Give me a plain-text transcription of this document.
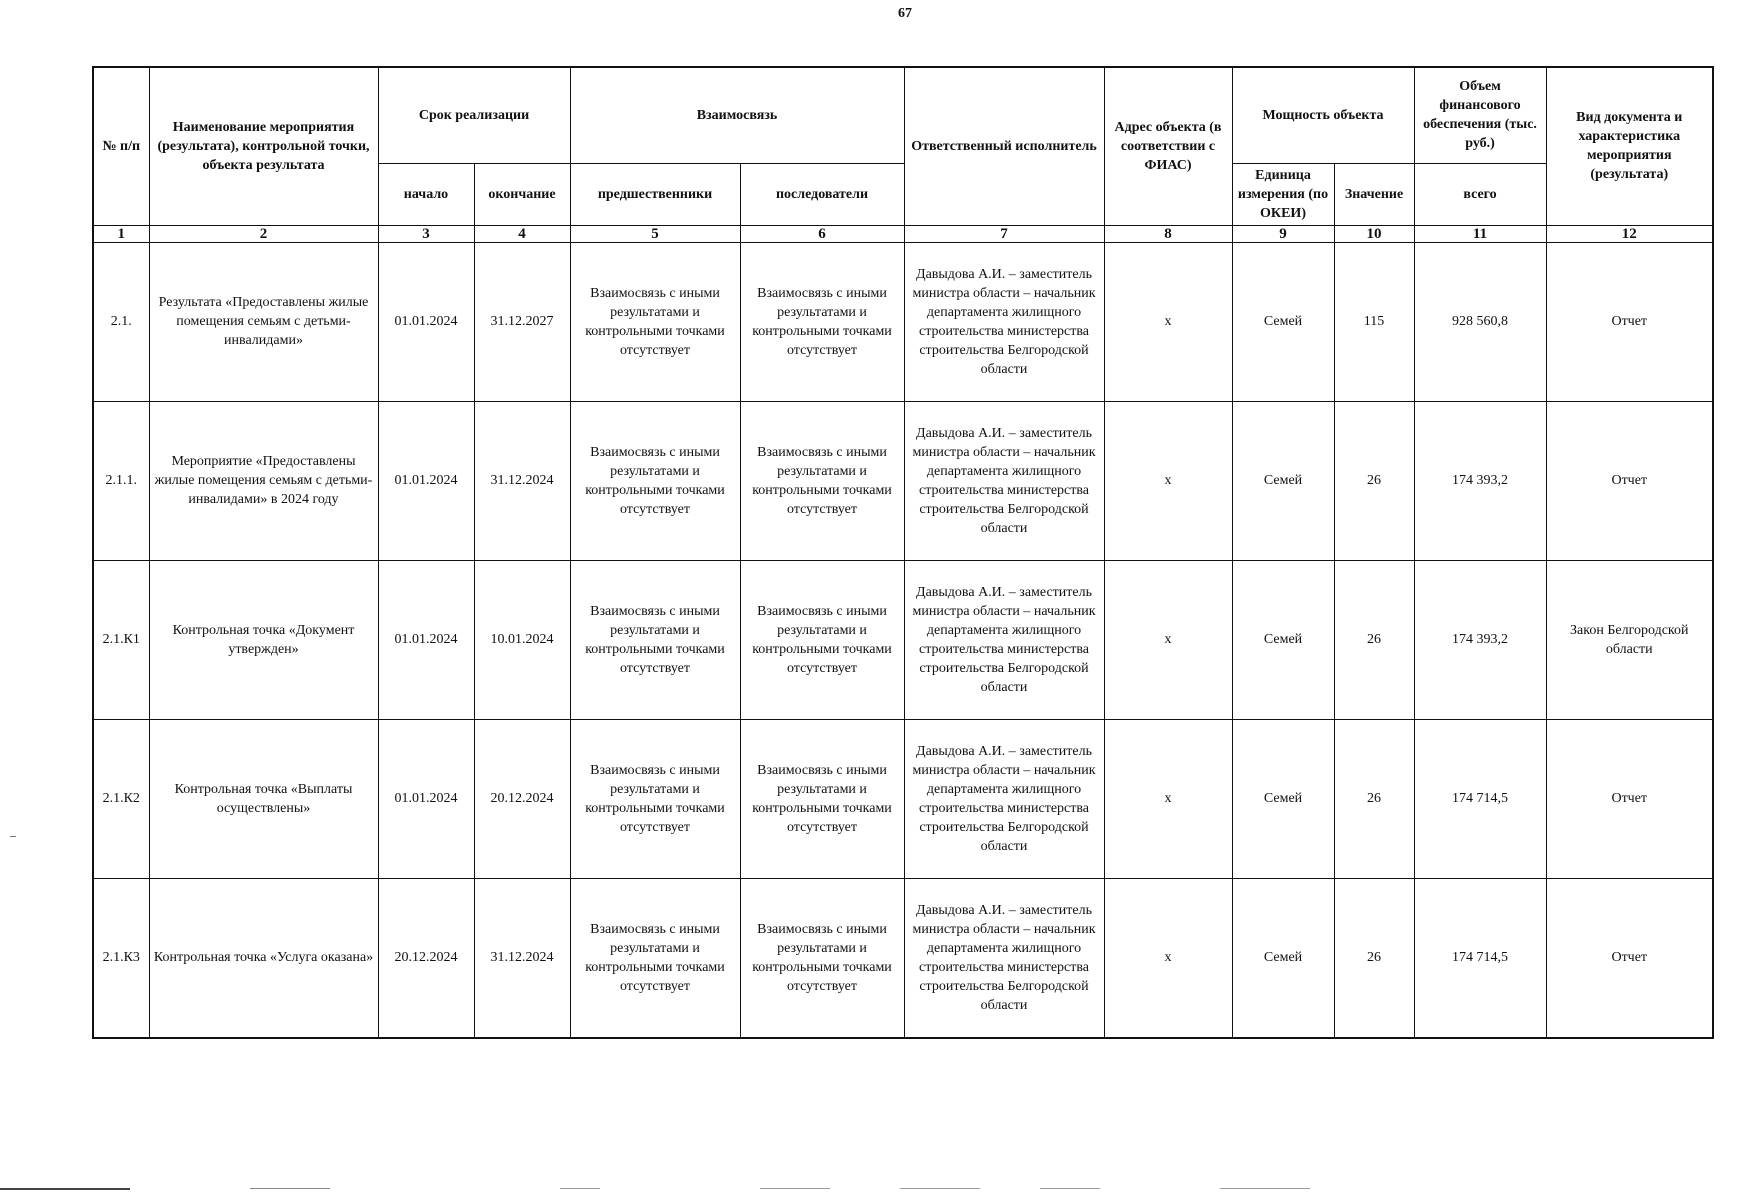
67
№ п/п	Наименование мероприятия (результата), контрольной точки, объекта результата	Срок реализации		Взаимосвязь		Ответственный исполнитель	Адрес объекта (в соответствии с ФИАС)	Мощность объекта		Объем финансового обеспечения (тыс. руб.)	Вид документа и характеристика мероприятия (результата)
		начало	окончание	предшественники	последователи			Единица измерения (по ОКЕИ)	Значение	всего	
1	2	3	4	5	6	7	8	9	10	11	12
2.1.	Результата «Предоставлены жилые помещения семьям с детьми-инвалидами»	01.01.2024	31.12.2027	Взаимосвязь с иными результатами и контрольными точками отсутствует	Взаимосвязь с иными результатами и контрольными точками отсутствует	Давыдова А.И. – заместитель министра области – начальник департамента жилищного строительства министерства строительства Белгородской области	x	Семей	115	928 560,8	Отчет
2.1.1.	Мероприятие «Предоставлены жилые помещения семьям с детьми-инвалидами» в 2024 году	01.01.2024	31.12.2024	Взаимосвязь с иными результатами и контрольными точками отсутствует	Взаимосвязь с иными результатами и контрольными точками отсутствует	Давыдова А.И. – заместитель министра области – начальник департамента жилищного строительства министерства строительства Белгородской области	x	Семей	26	174 393,2	Отчет
2.1.К1	Контрольная точка «Документ утвержден»	01.01.2024	10.01.2024	Взаимосвязь с иными результатами и контрольными точками отсутствует	Взаимосвязь с иными результатами и контрольными точками отсутствует	Давыдова А.И. – заместитель министра области – начальник департамента жилищного строительства министерства строительства Белгородской области	x	Семей	26	174 393,2	Закон Белгородской области
2.1.К2	Контрольная точка «Выплаты осуществлены»	01.01.2024	20.12.2024	Взаимосвязь с иными результатами и контрольными точками отсутствует	Взаимосвязь с иными результатами и контрольными точками отсутствует	Давыдова А.И. – заместитель министра области – начальник департамента жилищного строительства министерства строительства Белгородской области	x	Семей	26	174 714,5	Отчет
2.1.К3	Контрольная точка «Услуга оказана»	20.12.2024	31.12.2024	Взаимосвязь с иными результатами и контрольными точками отсутствует	Взаимосвязь с иными результатами и контрольными точками отсутствует	Давыдова А.И. – заместитель министра области – начальник департамента жилищного строительства министерства строительства Белгородской области	x	Семей	26	174 714,5	Отчет
